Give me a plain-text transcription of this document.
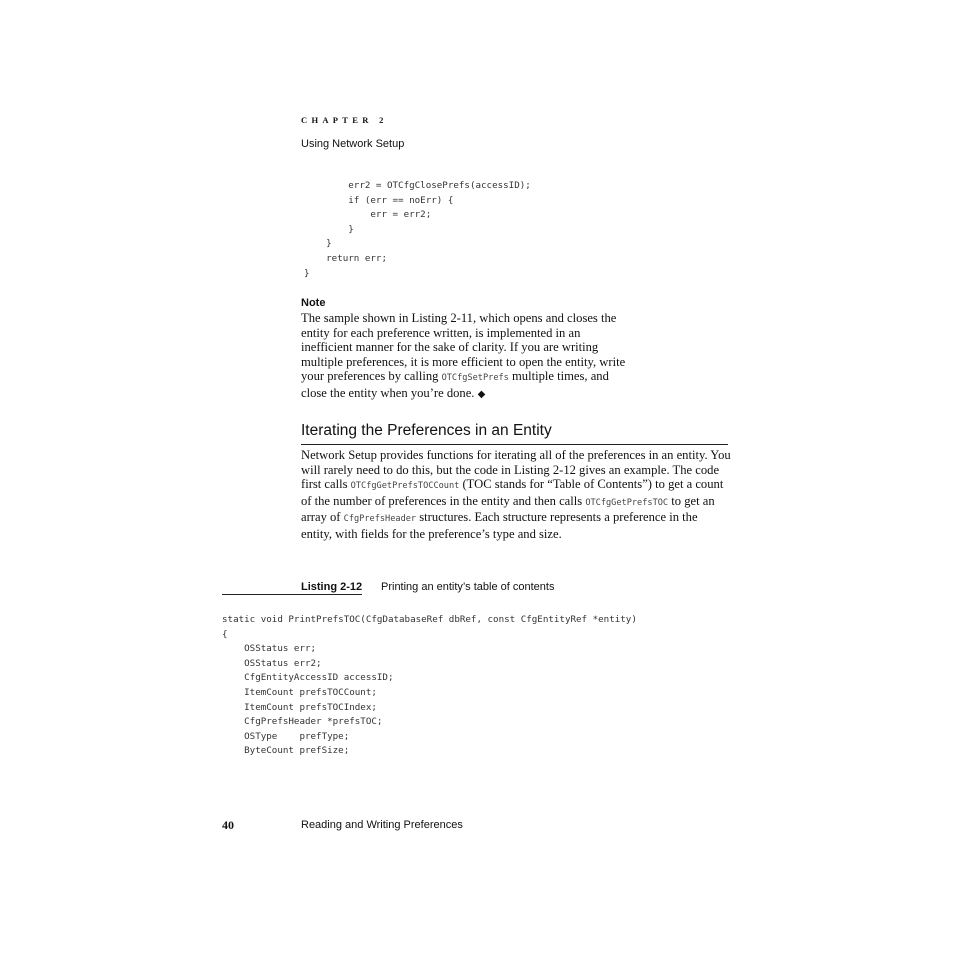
CHAPTER 2
Using Network Setup
err2 = OTCfgClosePrefs(accessID);
if (err == noErr) {
err = err2;
}
}
return err;
}
Note

The sample shown in Listing 2-11, which opens and closes the entity for each preference written, is implemented in an inefficient manner for the sake of clarity. If you are writing multiple preferences, it is more efficient to open the entity, write your preferences by calling OTCfgSetPrefs multiple times, and close the entity when you’re done. ◆

Iterating the Preferences in an Entity

Network Setup provides functions for iterating all of the preferences in an entity. You will rarely need to do this, but the code in Listing 2-12 gives an example. The code first calls OTCfgGetPrefsTOCCount (TOC stands for “Table of Contents”) to get a count of the number of preferences in the entity and then calls OTCfgGetPrefsTOC to get an array of CfgPrefsHeader structures. Each structure represents a preference in the entity, with fields for the preference’s type and size.

Listing 2-12 Printing an entity’s table of contents
static void PrintPrefsTOC(CfgDatabaseRef dbRef, const CfgEntityRef *entity)
{
OSStatus err;
OSStatus err2;
CfgEntityAccessID accessID;
ItemCount prefsTOCCount;
ItemCount prefsTOCIndex;
CfgPrefsHeader *prefsTOC;
OSType    prefType;
ByteCount prefSize;
40	Reading and Writing Preferences
